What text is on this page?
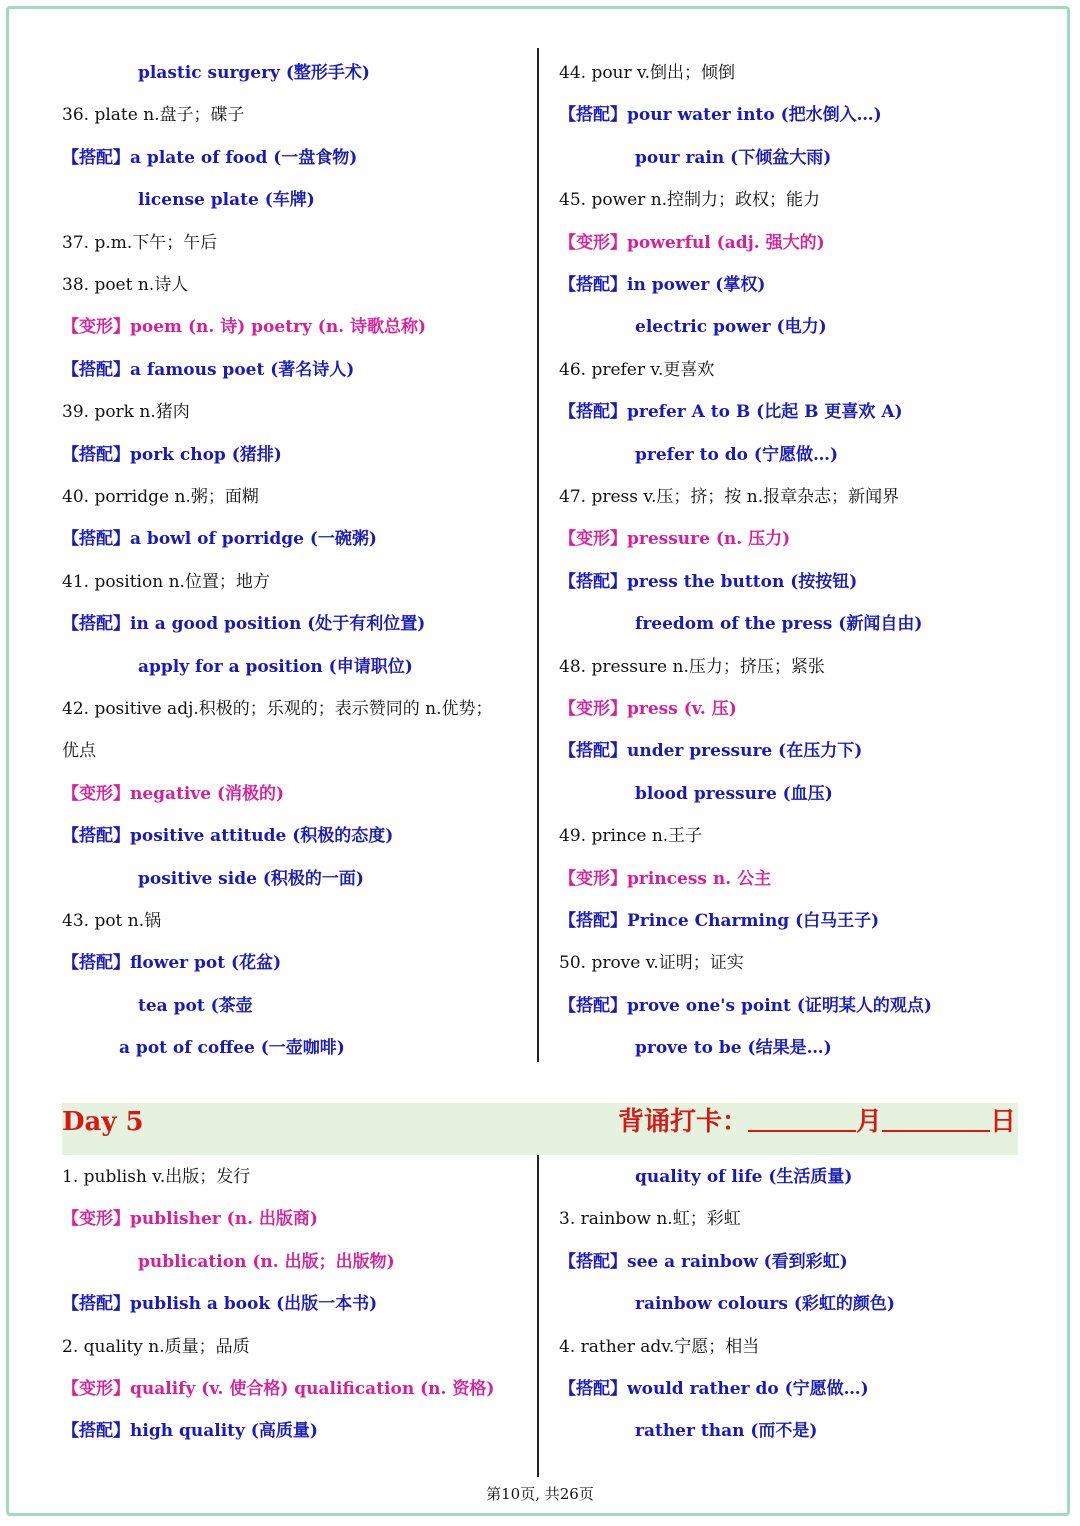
plastic surgery (整形手术)
36. plate n.盘子；碟子
【搭配】a plate of food (一盘食物)
license plate (车牌)
37. p.m.下午；午后
38. poet n.诗人
【变形】poem (n. 诗) poetry (n. 诗歌总称)
【搭配】a famous poet (著名诗人)
39. pork n.猪肉
【搭配】pork chop (猪排)
40. porridge n.粥；面糊
【搭配】a bowl of porridge (一碗粥)
41. position n.位置；地方
【搭配】in a good position (处于有利位置)
apply for a position (申请职位)
42. positive adj.积极的；乐观的；表示赞同的 n.优势；
优点
【变形】negative (消极的)
【搭配】positive attitude (积极的态度)
positive side (积极的一面)
43. pot n.锅
【搭配】flower pot (花盆)
tea pot (茶壶
a pot of coffee (一壶咖啡)
44. pour v.倒出；倾倒
【搭配】pour water into (把水倒入…)
pour rain (下倾盆大雨)
45. power n.控制力；政权；能力
【变形】powerful (adj. 强大的)
【搭配】in power (掌权)
electric power (电力)
46. prefer v.更喜欢
【搭配】prefer A to B (比起 B 更喜欢 A)
prefer to do (宁愿做…)
47. press v.压；挤；按 n.报章杂志；新闻界
【变形】pressure (n. 压力)
【搭配】press the button (按按钮)
freedom of the press (新闻自由)
48. pressure n.压力；挤压；紧张
【变形】press (v. 压)
【搭配】under pressure (在压力下)
blood pressure (血压)
49. prince n.王子
【变形】princess n. 公主
【搭配】Prince Charming (白马王子)
50. prove v.证明；证实
【搭配】prove one's point (证明某人的观点)
prove to be (结果是…)
Day 5	背诵打卡：	月	日
1. publish v.出版；发行
【变形】publisher (n. 出版商)
publication (n. 出版；出版物)
【搭配】publish a book (出版一本书)
2. quality n.质量；品质
【变形】qualify (v. 使合格) qualification (n. 资格)
【搭配】high quality (高质量)
quality of life (生活质量)
3. rainbow n.虹；彩虹
【搭配】see a rainbow (看到彩虹)
rainbow colours (彩虹的颜色)
4. rather adv.宁愿；相当
【搭配】would rather do (宁愿做…)
rather than (而不是)
第10页, 共26页
